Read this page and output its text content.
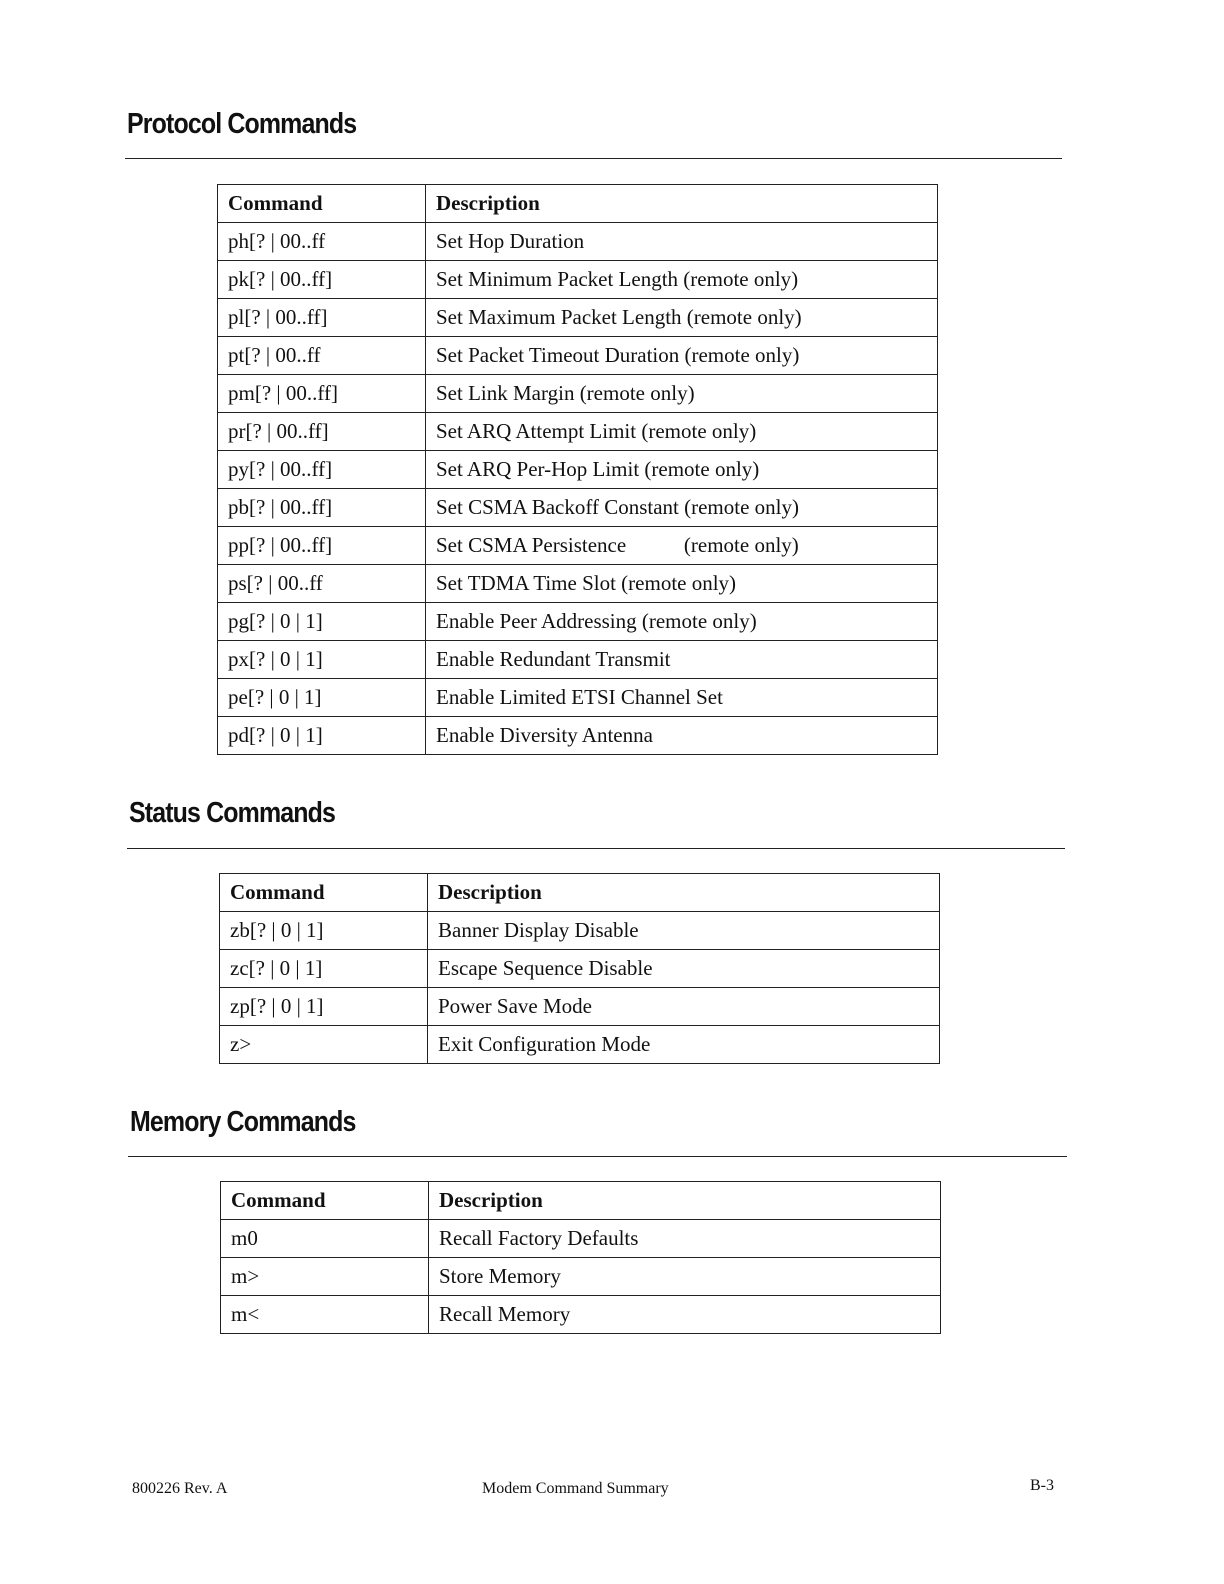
Protocol Commands
Command	Description
ph[? | 00..ff	Set Hop Duration
pk[? | 00..ff]	Set Minimum Packet Length (remote only)
pl[? | 00..ff]	Set Maximum Packet Length (remote only)
pt[? | 00..ff	Set Packet Timeout Duration (remote only)
pm[? | 00..ff]	Set Link Margin (remote only)
pr[? | 00..ff]	Set ARQ Attempt Limit (remote only)
py[? | 00..ff]	Set ARQ Per-Hop Limit (remote only)
pb[? | 00..ff]	Set CSMA Backoff Constant (remote only)
pp[? | 00..ff]	Set CSMA Persistence           (remote only)
ps[? | 00..ff	Set TDMA Time Slot (remote only)
pg[? | 0 | 1]	Enable Peer Addressing (remote only)
px[? | 0 | 1]	Enable Redundant Transmit
pe[? | 0 | 1]	Enable Limited ETSI Channel Set
pd[? | 0 | 1]	Enable Diversity Antenna
Status Commands
Command	Description
zb[? | 0 | 1]	Banner Display Disable
zc[? | 0 | 1]	Escape Sequence Disable
zp[? | 0 | 1]	Power Save Mode
z>	Exit Configuration Mode
Memory Commands
Command	Description
m0	Recall Factory Defaults
m>	Store Memory
m<	Recall Memory
800226 Rev. A	Modem Command Summary	B-3
